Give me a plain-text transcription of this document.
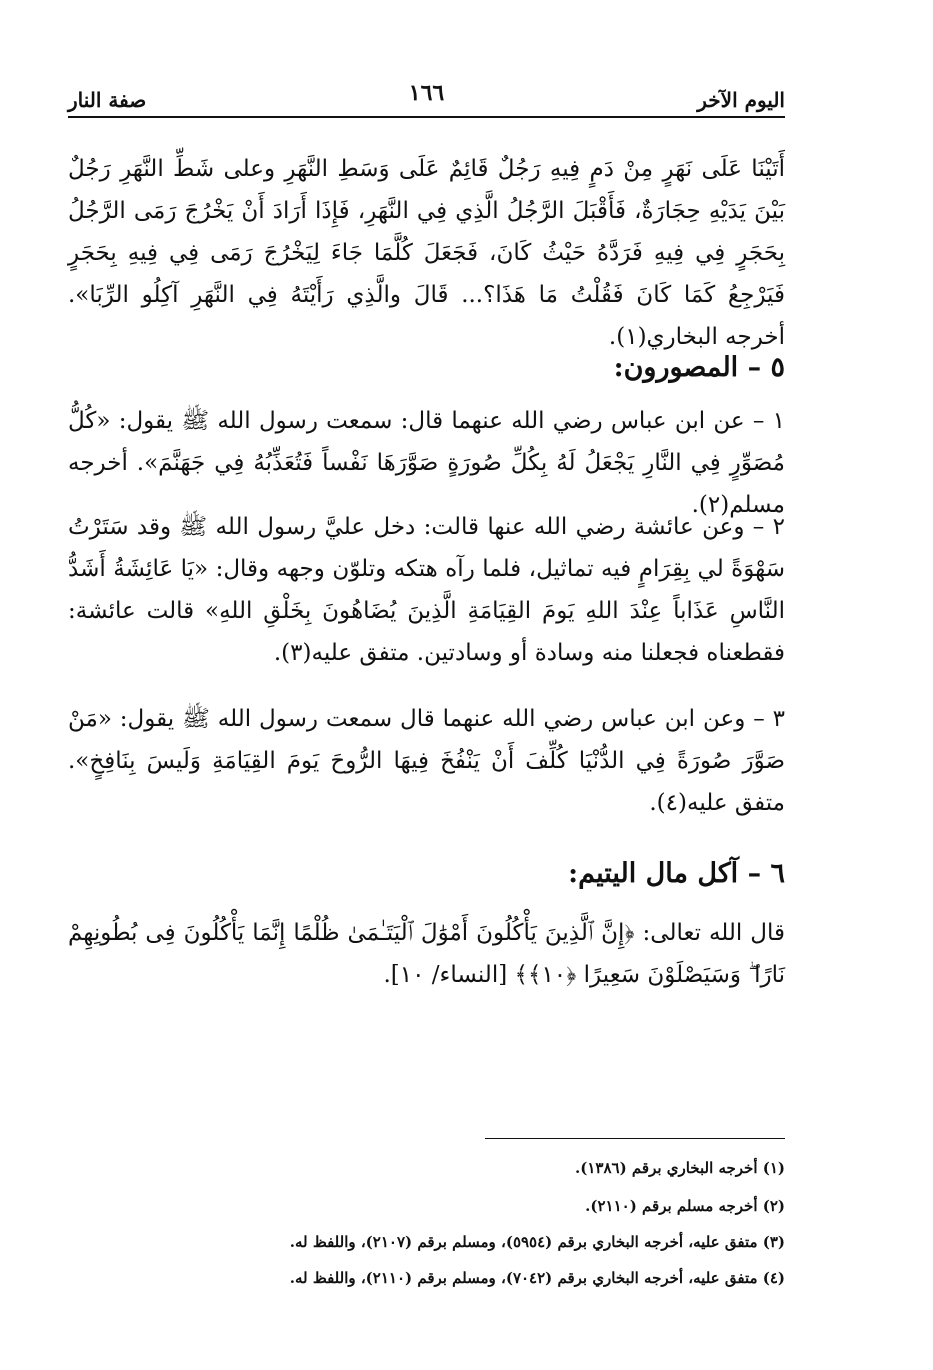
اليوم الآخر
١٦٦
صفة النار
أَتَيْنَا عَلَى نَهَرٍ مِنْ دَمٍ فِيهِ رَجُلٌ قَائِمٌ عَلَى وَسَطِ النَّهَرِ وعلى شَطِّ النَّهَرِ رَجُلٌ بَيْنَ يَدَيْهِ حِجَارَةٌ، فَأَقْبَلَ الرَّجُلُ الَّذِي فِي النَّهَرِ، فَإِذَا أَرَادَ أَنْ يَخْرُجَ رَمَى الرَّجُلُ بِحَجَرٍ فِي فِيهِ فَرَدَّهُ حَيْثُ كَانَ، فَجَعَلَ كُلَّمَا جَاءَ لِيَخْرُجَ رَمَى فِي فِيهِ بِحَجَرٍ فَيَرْجِعُ كَمَا كَانَ فَقُلْتُ مَا هَذَا؟... قَالَ والَّذِي رَأَيْتَهُ فِي النَّهَرِ آكِلُو الرِّبَا». أخرجه البخاري(١).
٥ – المصورون:
١ – عن ابن عباس رضي الله عنهما قال: سمعت رسول الله ﷺ يقول: «كُلُّ مُصَوِّرٍ فِي النَّارِ يَجْعَلُ لَهُ بِكُلِّ صُورَةٍ صَوَّرَهَا نَفْساً فَتُعَذِّبُهُ فِي جَهَنَّمَ». أخرجه مسلم(٢).
٢ – وعن عائشة رضي الله عنها قالت: دخل عليَّ رسول الله ﷺ وقد سَتَرْتُ سَهْوَةً لي بِقِرَامٍ فيه تماثيل، فلما رآه هتكه وتلوّن وجهه وقال: «يَا عَائِشَةُ أَشَدُّ النَّاسِ عَذَاباً عِنْدَ اللهِ يَومَ القِيَامَةِ الَّذِينَ يُضَاهُونَ بِخَلْقِ اللهِ» قالت عائشة: فقطعناه فجعلنا منه وسادة أو وسادتين. متفق عليه(٣).
٣ – وعن ابن عباس رضي الله عنهما قال سمعت رسول الله ﷺ يقول: «مَنْ صَوَّرَ صُورَةً فِي الدُّنْيَا كُلِّفَ أَنْ يَنْفُخَ فِيهَا الرُّوحَ يَومَ القِيَامَةِ وَلَيسَ بِنَافِخٍ». متفق عليه(٤).
٦ – آكل مال اليتيم:
قال الله تعالى: ﴿إِنَّ ٱلَّذِينَ يَأْكُلُونَ أَمْوَٰلَ ٱلْيَتَـٰمَىٰ ظُلْمًا إِنَّمَا يَأْكُلُونَ فِى بُطُونِهِمْ نَارًا ۖ وَسَيَصْلَوْنَ سَعِيرًا ﴿١٠﴾﴾ [النساء/ ١٠].
(١) أخرجه البخاري برقم (١٣٨٦).
(٢) أخرجه مسلم برقم (٢١١٠).
(٣) متفق عليه، أخرجه البخاري برقم (٥٩٥٤)، ومسلم برقم (٢١٠٧)، واللفظ له.
(٤) متفق عليه، أخرجه البخاري برقم (٧٠٤٢)، ومسلم برقم (٢١١٠)، واللفظ له.
